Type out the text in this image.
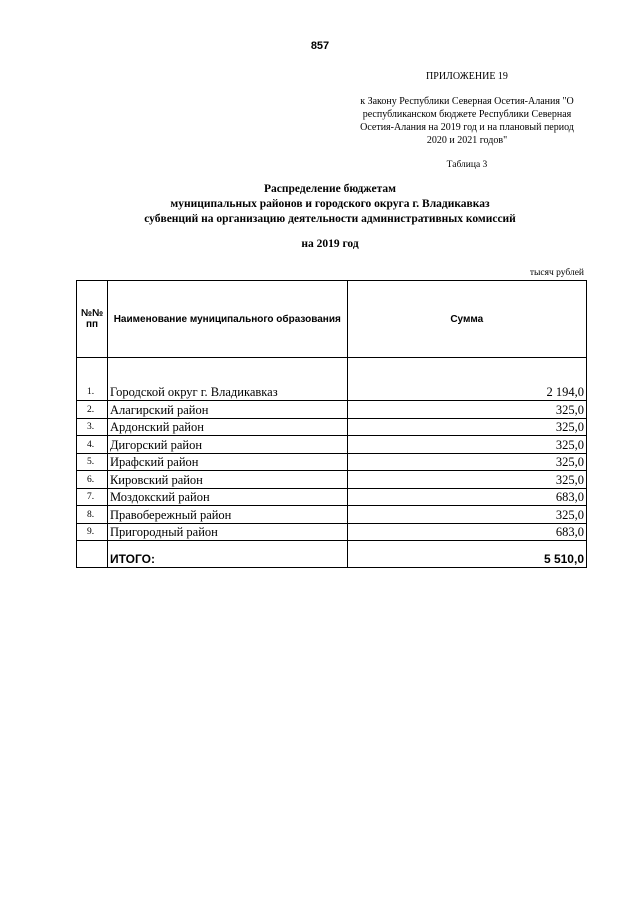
857
ПРИЛОЖЕНИЕ 19
к Закону Республики Северная Осетия-Алания "О
республиканском бюджете Республики Северная
Осетия-Алания на 2019 год и на плановый период
2020 и 2021 годов"
Таблица 3
Распределение бюджетам
муниципальных районов и городского округа г. Владикавказ
субвенций на организацию деятельности административных комиссий
на 2019 год
тысяч рублей
№№ пп	Наименование муниципального образования	Сумма
1.	Городской округ г. Владикавказ	2 194,0
2.	Алагирский район	325,0
3.	Ардонский район	325,0
4.	Дигорский район	325,0
5.	Ирафский район	325,0
6.	Кировский район	325,0
7.	Моздокский район	683,0
8.	Правобережный район	325,0
9.	Пригородный район	683,0
	ИТОГО:	5 510,0
